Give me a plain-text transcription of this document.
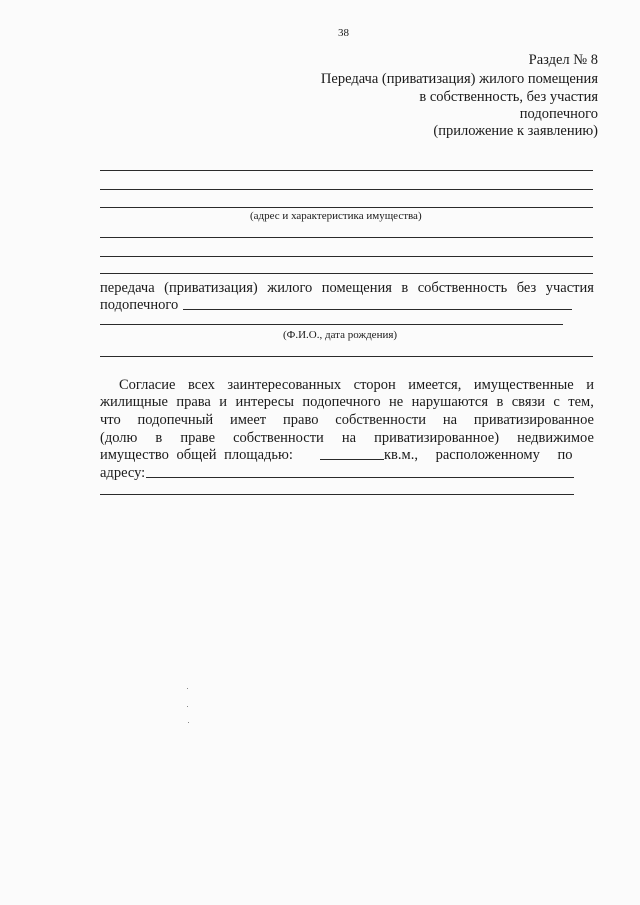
38
Раздел № 8
Передача (приватизация) жилого помещения
в собственность, без участия
подопечного
(приложение к заявлению)
(адрес и характеристика имущества)
передача (приватизация) жилого помещения в собственность без участия
подопечного
(Ф.И.О., дата рождения)
Согласие всех заинтересованных сторон имеется, имущественные и
жилищные права и интересы подопечного не нарушаются в связи с тем,
что подопечный имеет право собственности на приватизированное
(долю в праве собственности на приватизированное) недвижимое
имущество общей площадью:	кв.м., расположенному по
адресу:
